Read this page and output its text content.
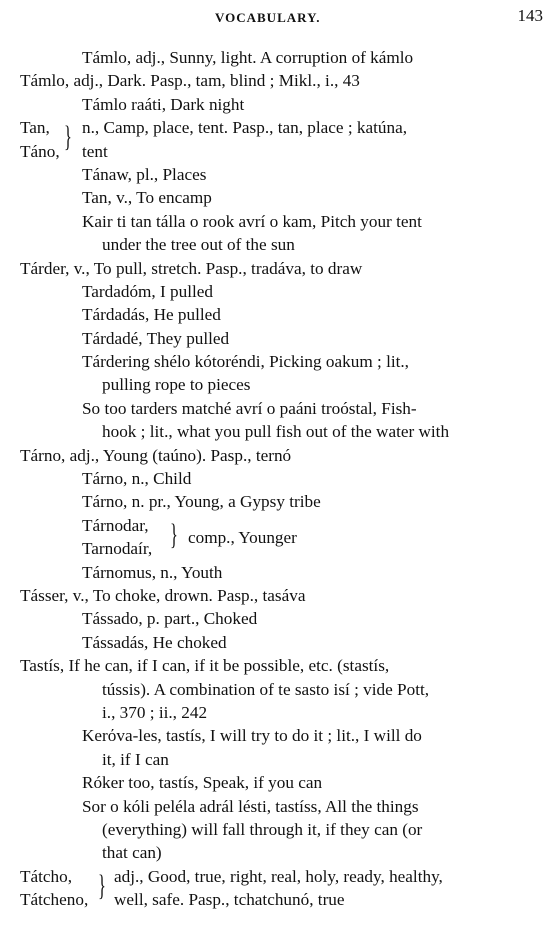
VOCABULARY.	143
Támlo, adj., Sunny, light. A corruption of kámlo
Támlo, adj., Dark. Pasp., tam, blind ; Mikl., i., 43
Támlo raáti, Dark night
Tan, n., Camp, place, tent. Pasp., tan, place ; katúna,
Táno, tent
}
Tánaw, pl., Places
Tan, v., To encamp
Kair ti tan tálla o rook avrí o kam, Pitch your tent
under the tree out of the sun
Tárder, v., To pull, stretch. Pasp., tradáva, to draw
Tardadóm, I pulled
Tárdadás, He pulled
Tárdadé, They pulled
Tárdering shélo kótoréndi, Picking oakum ; lit.,
pulling rope to pieces
So too tarders matché avrí o paáni troóstal, Fish-
hook ; lit., what you pull fish out of the water with
Tárno, adj., Young (taúno). Pasp., ternó
Tárno, n., Child
Tárno, n. pr., Young, a Gypsy tribe
Tárnodar,
Tarnodaír, } comp., Younger
Tárnomus, n., Youth
Tásser, v., To choke, drown. Pasp., tasáva
Tássado, p. part., Choked
Tássadás, He choked
Tastís, If he can, if I can, if it be possible, etc. (stastís,
tússis). A combination of te sasto isí ; vide Pott,
i., 370 ; ii., 242
Kerόva-les, tastís, I will try to do it ; lit., I will do
it, if I can
Róker too, tastís, Speak, if you can
Sor o kóli peléla adrál lésti, tastíss, All the things
(everything) will fall through it, if they can (or
that can)
Tátcho, adj., Good, true, right, real, holy, ready, healthy,
Tátcheno, well, safe. Pasp., tchatchunó, true
}
